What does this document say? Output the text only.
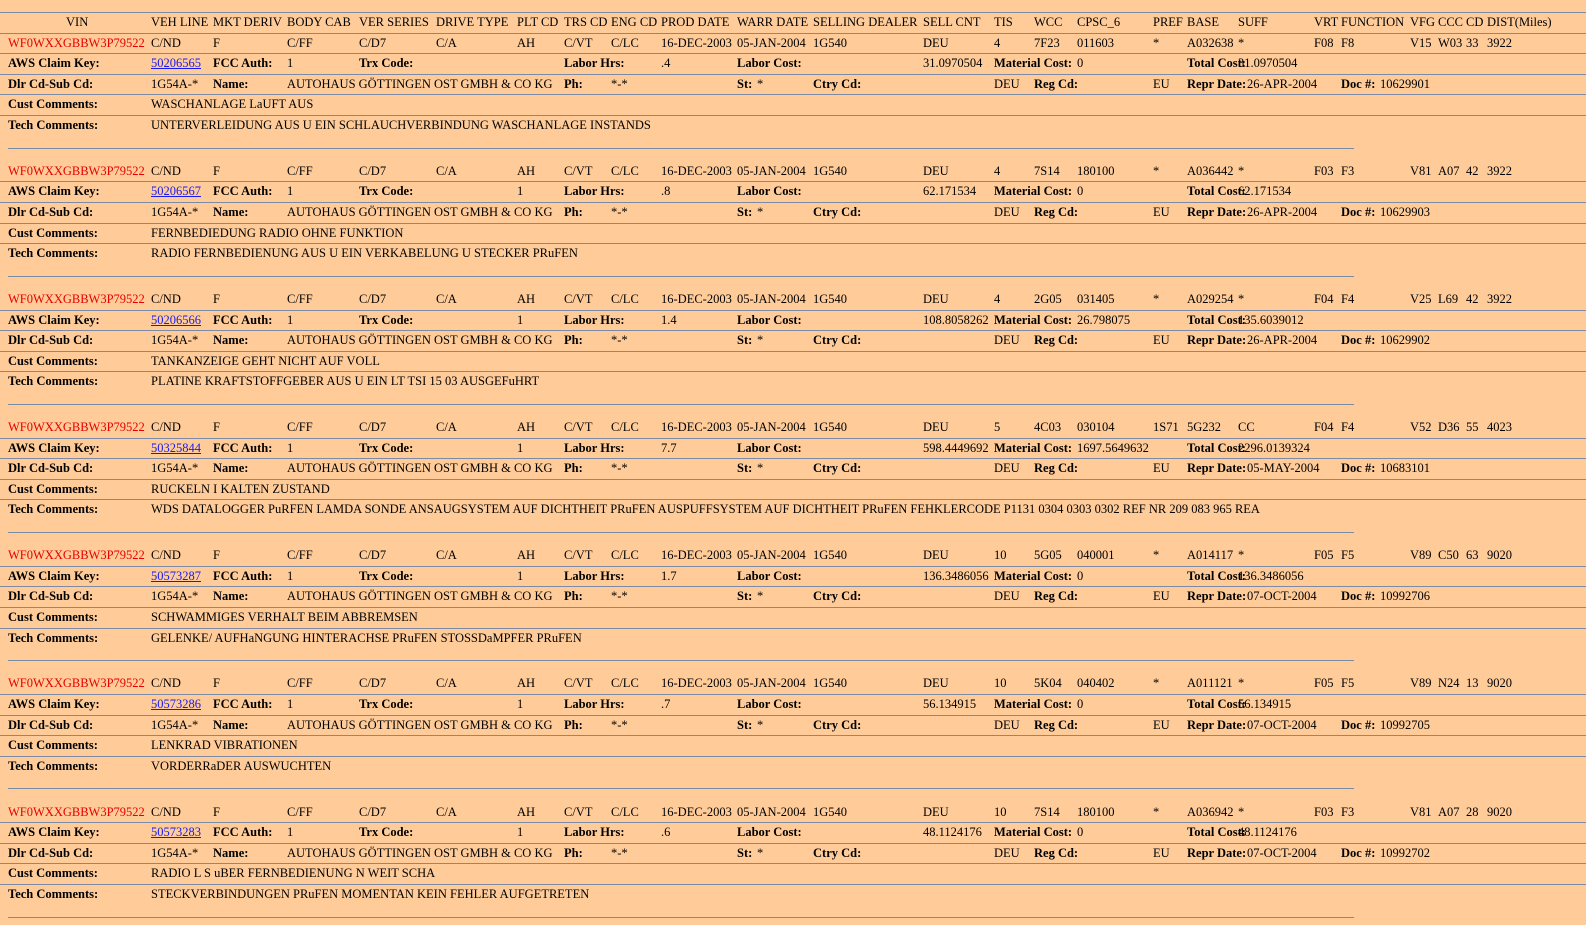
VIN	VEH LINE MKT DERIV BODY CAB VER SERIES DRIVE TYPE PLT CD TRS CD ENG CD PROD DATE WARR DATE SELLING DEALER SELL CNT TIS WCC CPSC_6	PREF BASE SUFF	VRT FUNCTION VFG CCC CD DIST(Miles)
WF0WXXGBBW3P79522 C/ND	F	C/FF	C/D7	C/A	AH C/VT C/LC 16-DEC-2003 05-JAN-2004 1G540	DEU	4	7F23 011603	* A032638 *	F08 F8	V15 W03 33 3922
AWS Claim Key:	50206565 FCC Auth: 1	Trx Code:	Labor Hrs:	.4	Labor Cost:	31.0970504 Material Cost: 0	Total Cost:
31.0970504
Dlr Cd-Sub Cd:	1G54A-* Name:	AUTOHAUS GÖTTINGEN OST GMBH & CO KG Ph: *-*	St: *	Ctry Cd:	DEU Reg Cd:	EU Repr Date: 26-APR-2004 Doc #: 10629901
Cust Comments:	WASCHANLAGE LaUFT AUS
Tech Comments:	UNTERVERLEIDUNG AUS U EIN SCHLAUCHVERBINDUNG WASCHANLAGE INSTANDS
WF0WXXGBBW3P79522 C/ND	F	C/FF	C/D7	C/A	AH C/VT C/LC 16-DEC-2003 05-JAN-2004 1G540	DEU	4	7S14 180100	* A036442 *	F03 F3	V81 A07 42 3922
AWS Claim Key:	50206567 FCC Auth: 1	Trx Code:	1	Labor Hrs:	.8	Labor Cost:	62.171534 Material Cost: 0	Total Cost:
62.171534
Dlr Cd-Sub Cd:	1G54A-* Name:	AUTOHAUS GÖTTINGEN OST GMBH & CO KG Ph: *-*	St: *	Ctry Cd:	DEU Reg Cd:	EU Repr Date: 26-APR-2004 Doc #: 10629903
Cust Comments:	FERNBEDIEDUNG RADIO OHNE FUNKTION
Tech Comments:	RADIO FERNBEDIENUNG AUS U EIN VERKABELUNG U STECKER PRuFEN
WF0WXXGBBW3P79522 C/ND	F	C/FF	C/D7	C/A	AH C/VT C/LC 16-DEC-2003 05-JAN-2004 1G540	DEU	4	2G05 031405	* A029254 *	F04 F4	V25 L69 42 3922
AWS Claim Key:	50206566 FCC Auth: 1	Trx Code:	1	Labor Hrs:	1.4	Labor Cost:	108.8058262 Material Cost: 26.798075	Total Cost:
135.6039012
Dlr Cd-Sub Cd:	1G54A-* Name:	AUTOHAUS GÖTTINGEN OST GMBH & CO KG Ph: *-*	St: *	Ctry Cd:	DEU Reg Cd:	EU Repr Date: 26-APR-2004 Doc #: 10629902
Cust Comments:	TANKANZEIGE GEHT NICHT AUF VOLL
Tech Comments:	PLATINE KRAFTSTOFFGEBER AUS U EIN LT TSI 15 03 AUSGEFuHRT
WF0WXXGBBW3P79522 C/ND	F	C/FF	C/D7	C/A	AH C/VT C/LC 16-DEC-2003 05-JAN-2004 1G540	DEU	5	4C03 030104	1S71 5G232 CC	F04 F4	V52 D36 55 4023
AWS Claim Key:	50325844 FCC Auth: 1	Trx Code:	1	Labor Hrs:	7.7	Labor Cost:	598.4449692 Material Cost: 1697.5649632	Total Cost:
2296.0139324
Dlr Cd-Sub Cd:	1G54A-* Name:	AUTOHAUS GÖTTINGEN OST GMBH & CO KG Ph: *-*	St: *	Ctry Cd:	DEU Reg Cd:	EU Repr Date: 05-MAY-2004 Doc #: 10683101
Cust Comments:	RUCKELN I KALTEN ZUSTAND
Tech Comments:	WDS DATALOGGER PuRFEN LAMDA SONDE ANSAUGSYSTEM AUF DICHTHEIT PRuFEN AUSPUFFSYSTEM AUF DICHTHEIT PRuFEN FEHKLERCODE P1131 0304 0303 0302 REF NR 209 083 965 REA
WF0WXXGBBW3P79522 C/ND	F	C/FF	C/D7	C/A	AH C/VT C/LC 16-DEC-2003 05-JAN-2004 1G540	DEU	10 5G05 040001	* A014117 *	F05 F5	V89 C50 63 9020
AWS Claim Key:	50573287 FCC Auth: 1	Trx Code:	1	Labor Hrs:	1.7	Labor Cost:	136.3486056 Material Cost: 0	Total Cost:
136.3486056
Dlr Cd-Sub Cd:	1G54A-* Name:	AUTOHAUS GÖTTINGEN OST GMBH & CO KG Ph: *-*	St: *	Ctry Cd:	DEU Reg Cd:	EU Repr Date: 07-OCT-2004 Doc #: 10992706
Cust Comments:	SCHWAMMIGES VERHALT BEIM ABBREMSEN
Tech Comments:	GELENKE/ AUFHaNGUNG HINTERACHSE PRuFEN STOSSDaMPFER PRuFEN
WF0WXXGBBW3P79522 C/ND	F	C/FF	C/D7	C/A	AH C/VT C/LC 16-DEC-2003 05-JAN-2004 1G540	DEU	10 5K04 040402	* A011121 *	F05 F5	V89 N24 13 9020
AWS Claim Key:	50573286 FCC Auth: 1	Trx Code:	1	Labor Hrs:	.7	Labor Cost:	56.134915 Material Cost: 0	Total Cost:
56.134915
Dlr Cd-Sub Cd:	1G54A-* Name:	AUTOHAUS GÖTTINGEN OST GMBH & CO KG Ph: *-*	St: *	Ctry Cd:	DEU Reg Cd:	EU Repr Date: 07-OCT-2004 Doc #: 10992705
Cust Comments:	LENKRAD VIBRATIONEN
Tech Comments:	VORDERRaDER AUSWUCHTEN
WF0WXXGBBW3P79522 C/ND	F	C/FF	C/D7	C/A	AH C/VT C/LC 16-DEC-2003 05-JAN-2004 1G540	DEU	10 7S14 180100	* A036942 *	F03 F3	V81 A07 28 9020
AWS Claim Key:	50573283 FCC Auth: 1	Trx Code:	1	Labor Hrs:	.6	Labor Cost:	48.1124176 Material Cost: 0	Total Cost:
48.1124176
Dlr Cd-Sub Cd:	1G54A-* Name:	AUTOHAUS GÖTTINGEN OST GMBH & CO KG Ph: *-*	St: *	Ctry Cd:	DEU Reg Cd:	EU Repr Date: 07-OCT-2004 Doc #: 10992702
Cust Comments:	RADIO L S uBER FERNBEDIENUNG N WEIT SCHA
Tech Comments:	STECKVERBINDUNGEN PRuFEN MOMENTAN KEIN FEHLER AUFGETRETEN
